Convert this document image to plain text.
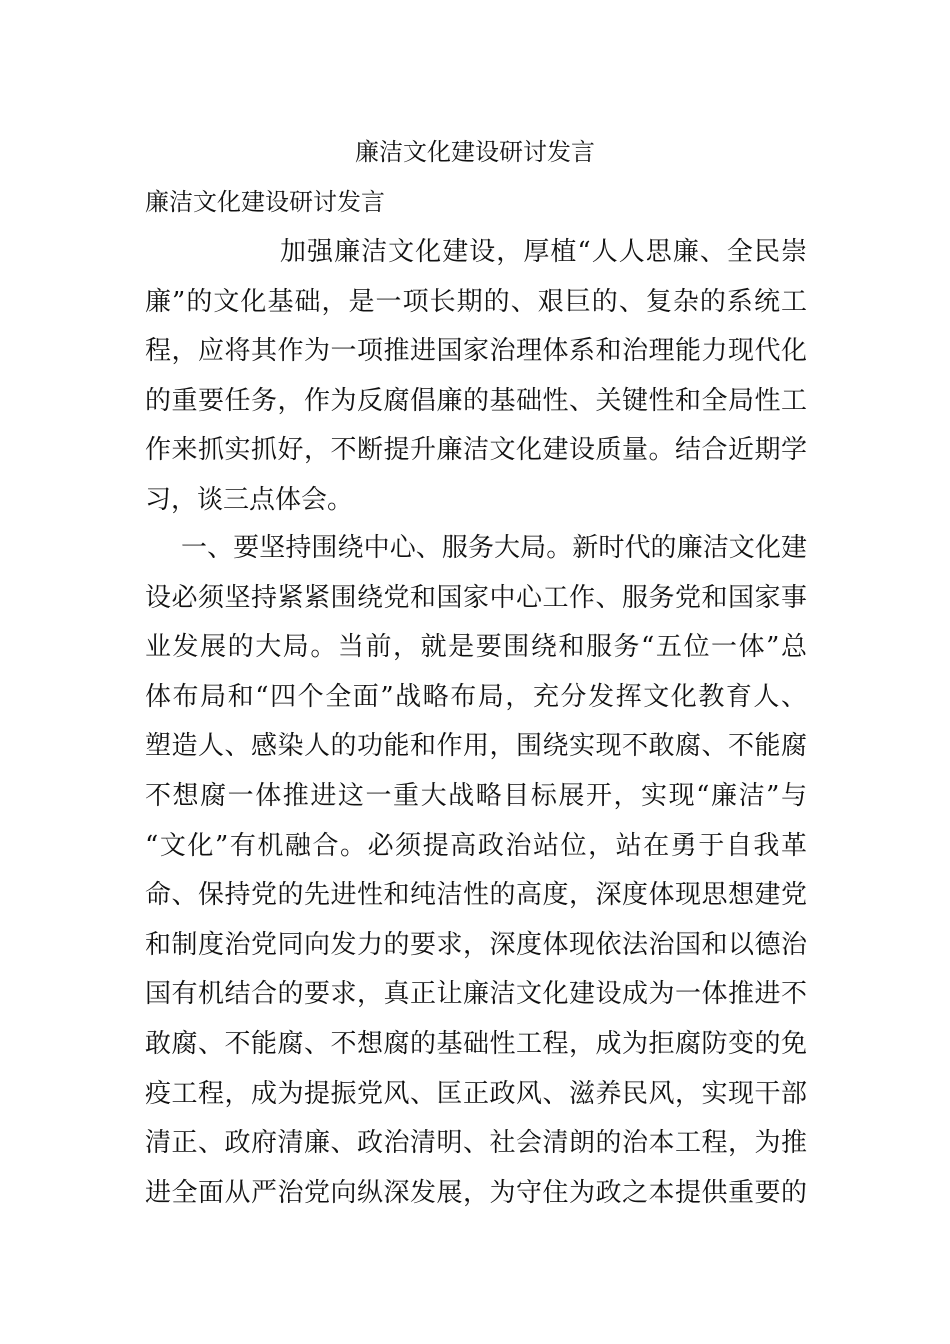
廉洁文化建设研讨发言
廉洁文化建设研讨发言
加强廉洁文化建设，厚植“人人思廉、全民崇
廉”的文化基础，是一项长期的、艰巨的、复杂的系统工
程，应将其作为一项推进国家治理体系和治理能力现代化
的重要任务，作为反腐倡廉的基础性、关键性和全局性工
作来抓实抓好，不断提升廉洁文化建设质量。结合近期学
习，谈三点体会。
一、要坚持围绕中心、服务大局。新时代的廉洁文化建
设必须坚持紧紧围绕党和国家中心工作、服务党和国家事
业发展的大局。当前，就是要围绕和服务“五位一体”总
体布局和“四个全面”战略布局，充分发挥文化教育人、
塑造人、感染人的功能和作用，围绕实现不敢腐、不能腐
不想腐一体推进这一重大战略目标展开，实现“廉洁”与
“文化”有机融合。必须提高政治站位，站在勇于自我革
命、保持党的先进性和纯洁性的高度，深度体现思想建党
和制度治党同向发力的要求，深度体现依法治国和以德治
国有机结合的要求，真正让廉洁文化建设成为一体推进不
敢腐、不能腐、不想腐的基础性工程，成为拒腐防变的免
疫工程，成为提振党风、匡正政风、滋养民风，实现干部
清正、政府清廉、政治清明、社会清朗的治本工程，为推
进全面从严治党向纵深发展，为守住为政之本提供重要的
